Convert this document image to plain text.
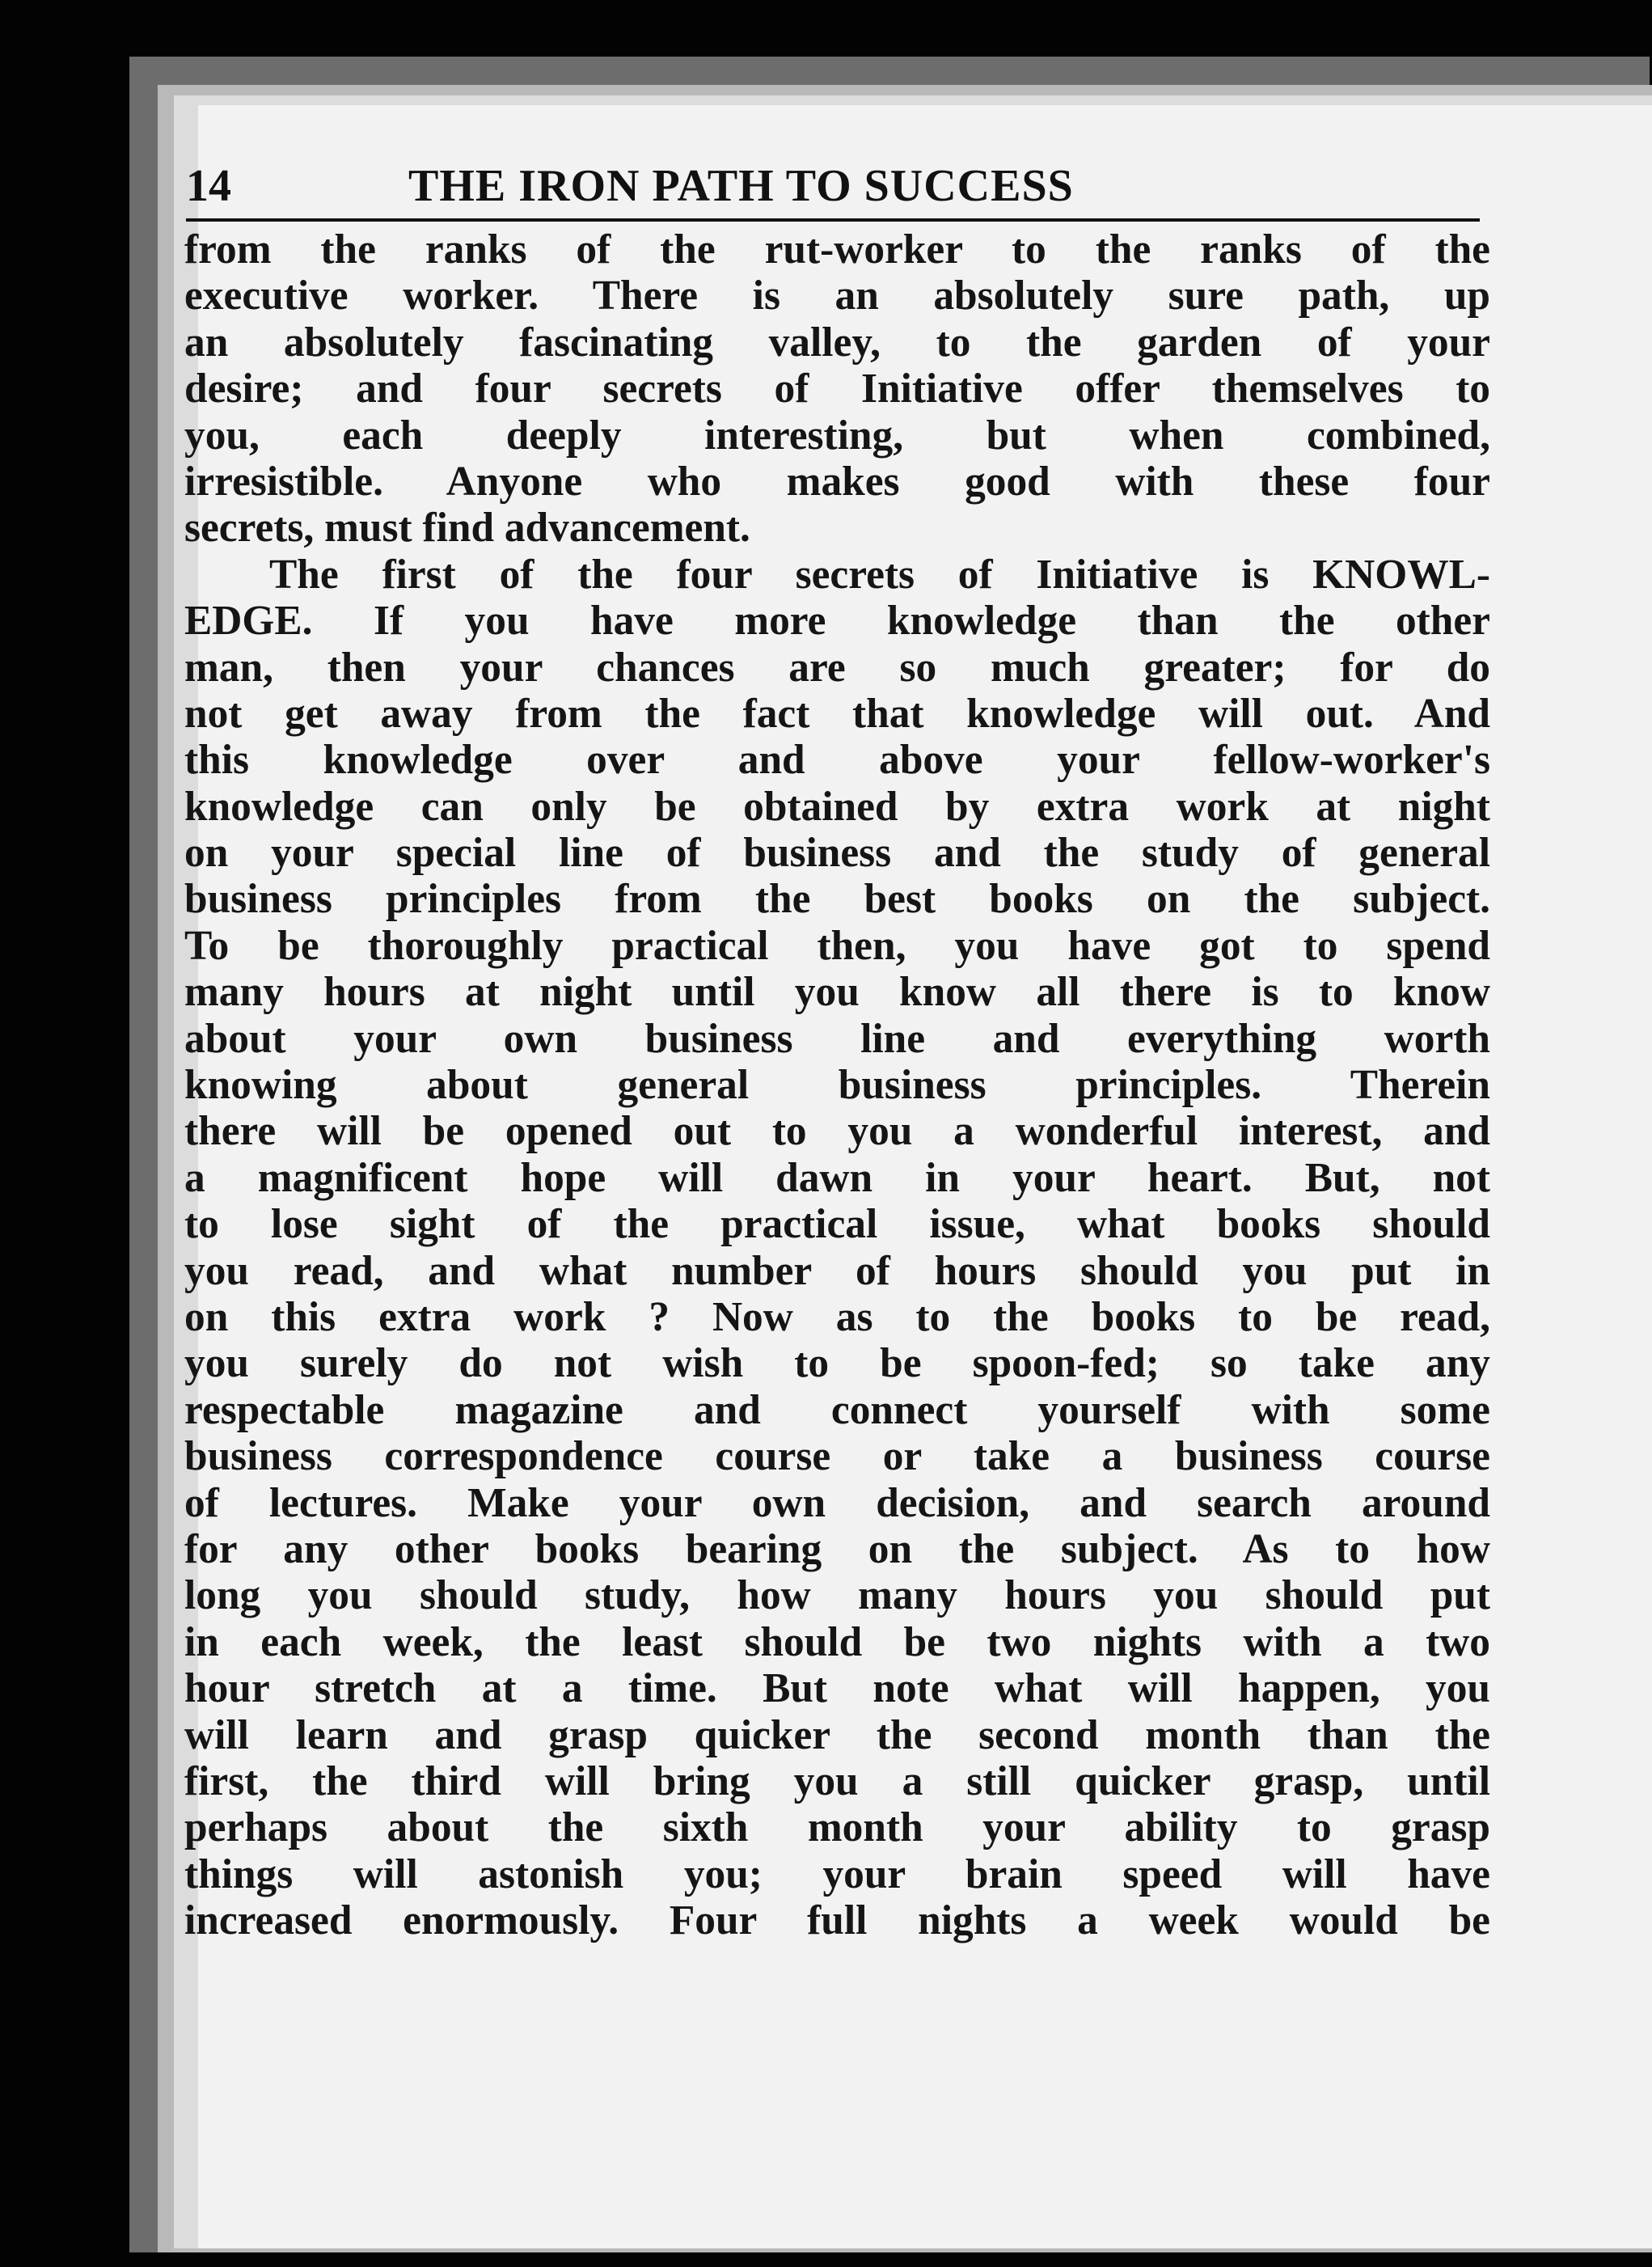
14	THE IRON PATH TO SUCCESS
from the ranks of the rut-worker to the ranks of the
executive worker. There is an absolutely sure path, up
an absolutely fascinating valley, to the garden of your
desire; and four secrets of Initiative offer themselves to
you, each deeply interesting, but when combined,
irresistible. Anyone who makes good with these four
secrets, must find advancement.
The first of the four secrets of Initiative is KNOWL-
EDGE. If you have more knowledge than the other
man, then your chances are so much greater; for do
not get away from the fact that knowledge will out. And
this knowledge over and above your fellow-worker's
knowledge can only be obtained by extra work at night
on your special line of business and the study of general
business principles from the best books on the subject.
To be thoroughly practical then, you have got to spend
many hours at night until you know all there is to know
about your own business line and everything worth
knowing about general business principles. Therein
there will be opened out to you a wonderful interest, and
a magnificent hope will dawn in your heart. But, not
to lose sight of the practical issue, what books should
you read, and what number of hours should you put in
on this extra work ? Now as to the books to be read,
you surely do not wish to be spoon-fed; so take any
respectable magazine and connect yourself with some
business correspondence course or take a business course
of lectures. Make your own decision, and search around
for any other books bearing on the subject. As to how
long you should study, how many hours you should put
in each week, the least should be two nights with a two
hour stretch at a time. But note what will happen, you
will learn and grasp quicker the second month than the
first, the third will bring you a still quicker grasp, until
perhaps about the sixth month your ability to grasp
things will astonish you; your brain speed will have
increased enormously. Four full nights a week would be
